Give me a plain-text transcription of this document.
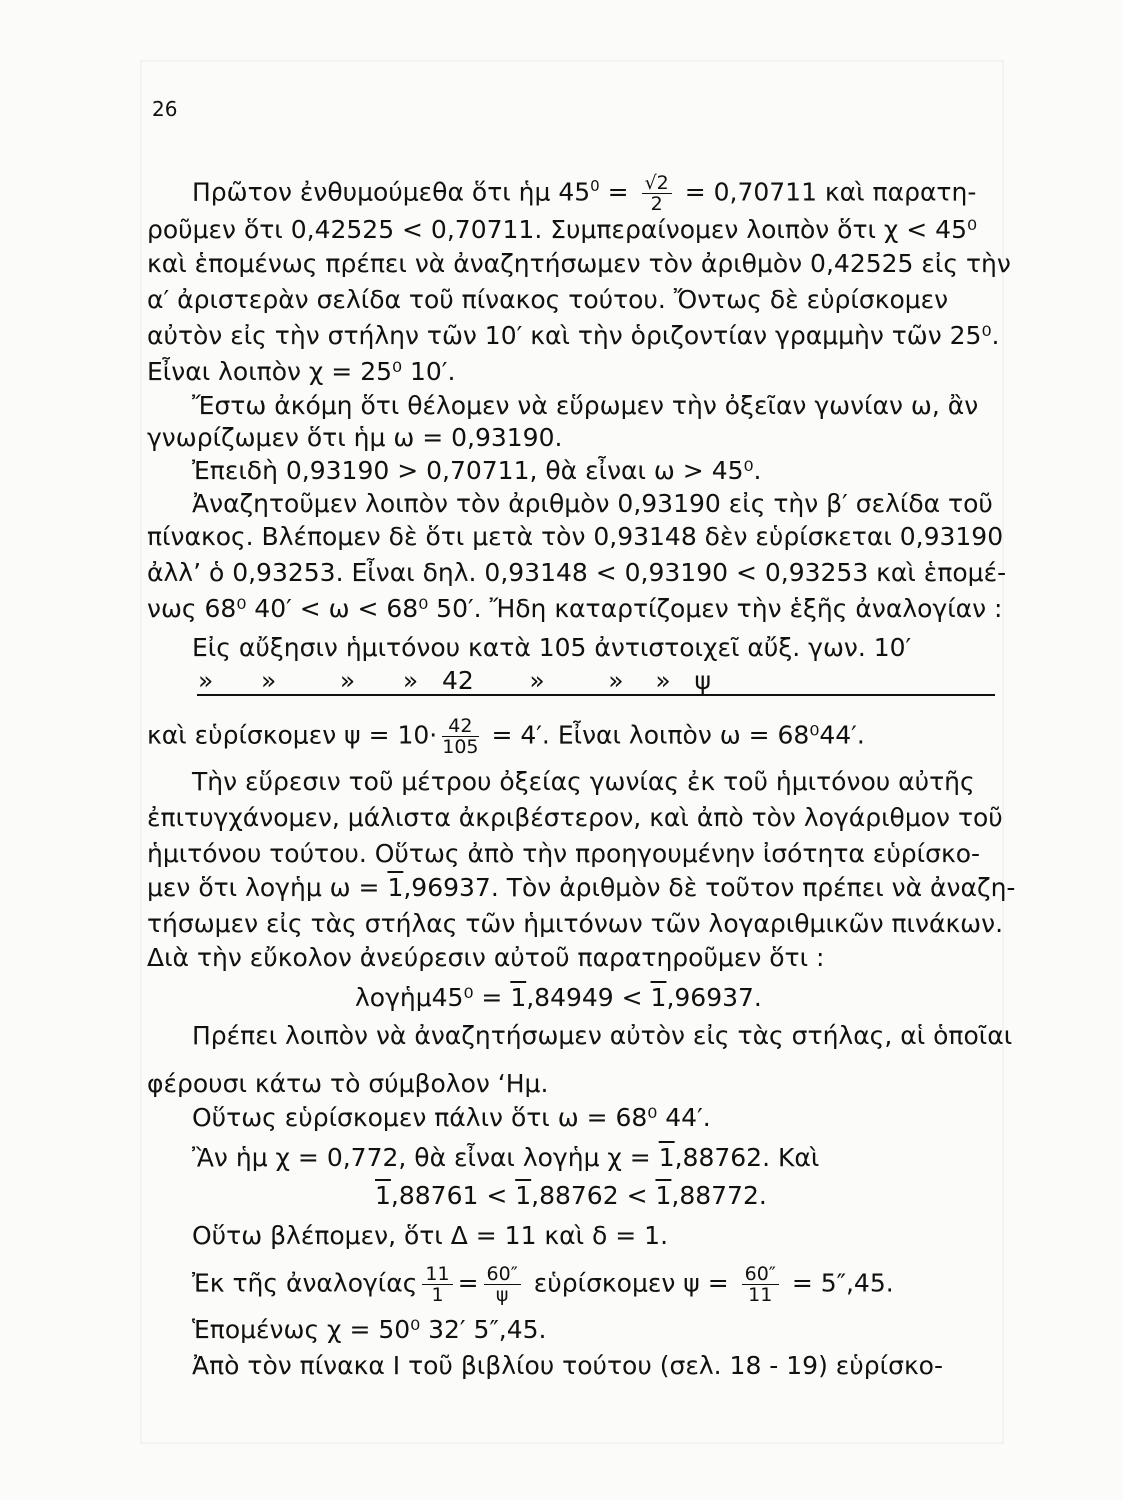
26
Πρῶτον ἐνθυμούμεθα ὅτι ἡμ $45^0 = \frac{√2}{2} = 0,70711$ καὶ παρατη-
ροῦμεν ὅτι 0,42525 < 0,70711. Συμπεραίνομεν λοιπὸν ὅτι χ < 45⁰
καὶ ἑπομένως πρέπει νὰ ἀναζητήσωμεν τὸν ἀριθμὸν 0,42525 εἰς τὴν
α′ ἀριστερὰν σελίδα τοῦ πίνακος τούτου. Ὄντως δὲ εὑρίσκομεν
αὐτὸν εἰς τὴν στήλην τῶν 10′ καὶ τὴν ὁριζοντίαν γραμμὴν τῶν 25⁰.
Εἶναι λοιπὸν χ = 25⁰ 10′.
Ἔστω ἀκόμη ὅτι θέλομεν νὰ εὕρωμεν τὴν ὀξεῖαν γωνίαν ω, ἂν
γνωρίζωμεν ὅτι ἡμ ω = 0,93190.
Ἐπειδὴ 0,93190 > 0,70711, θὰ εἶναι ω > 45⁰.
Ἀναζητοῦμεν λοιπὸν τὸν ἀριθμὸν 0,93190 εἰς τὴν β′ σελίδα τοῦ
πίνακος. Βλέπομεν δὲ ὅτι μετὰ τὸν 0,93148 δὲν εὑρίσκεται 0,93190
ἀλλ’ ὁ 0,93253. Εἶναι δηλ. 0,93148 < 0,93190 < 0,93253 καὶ ἑπομέ-
νως 68⁰ 40′ < ω < 68⁰ 50′. Ἤδη καταρτίζομεν τὴν ἑξῆς ἀναλογίαν :
Εἰς αὔξησιν ἡμιτόνου κατὰ 105 ἀντιστοιχεῖ αὔξ. γων. 10′
»      »        »      »   42       »        »    »   ψ
καὶ εὑρίσκομεν $\psi = 10\cdot \frac{42}{105} = 4'$. Εἶναι λοιπὸν ω = 68⁰44′.
Τὴν εὕρεσιν τοῦ μέτρου ὀξείας γωνίας ἐκ τοῦ ἡμιτόνου αὐτῆς
ἐπιτυγχάνομεν, μάλιστα ἀκριβέστερον, καὶ ἀπὸ τὸν λογάριθμον τοῦ
ἡμιτόνου τούτου. Οὕτως ἀπὸ τὴν προηγουμένην ἰσότητα εὑρίσκο-
μεν ὅτι λογἡμ ω = 1,96937. Τὸν ἀριθμὸν δὲ τοῦτον πρέπει νὰ ἀναζη-
τήσωμεν εἰς τὰς στήλας τῶν ἡμιτόνων τῶν λογαριθμικῶν πινάκων.
Διὰ τὴν εὔκολον ἀνεύρεσιν αὐτοῦ παρατηροῦμεν ὅτι :
λογἡμ45⁰ = 1,84949 < 1,96937.
Πρέπει λοιπὸν νὰ ἀναζητήσωμεν αὐτὸν εἰς τὰς στήλας, αἱ ὁποῖαι
φέρουσι κάτω τὸ σύμβολον ‘Ημ.
Οὕτως εὑρίσκομεν πάλιν ὅτι ω = 68⁰ 44′.
Ἂν ἡμ χ = 0,772, θὰ εἶναι λογἡμ χ = 1,88762. Καὶ
1,88761 < 1,88762 < 1,88772.
Οὕτω βλέπομεν, ὅτι Δ = 11 καὶ δ = 1.
Ἐκ τῆς ἀναλογίας $\frac{11}{1} = \frac{60''}{\psi}$ εὑρίσκομεν $\psi = \frac{60''}{11} = 5'',45$.
Ἑπομένως χ = 50⁰ 32′ 5″,45.
Ἀπὸ τὸν πίνακα Ι τοῦ βιβλίου τούτου (σελ. 18 - 19) εὑρίσκο-
